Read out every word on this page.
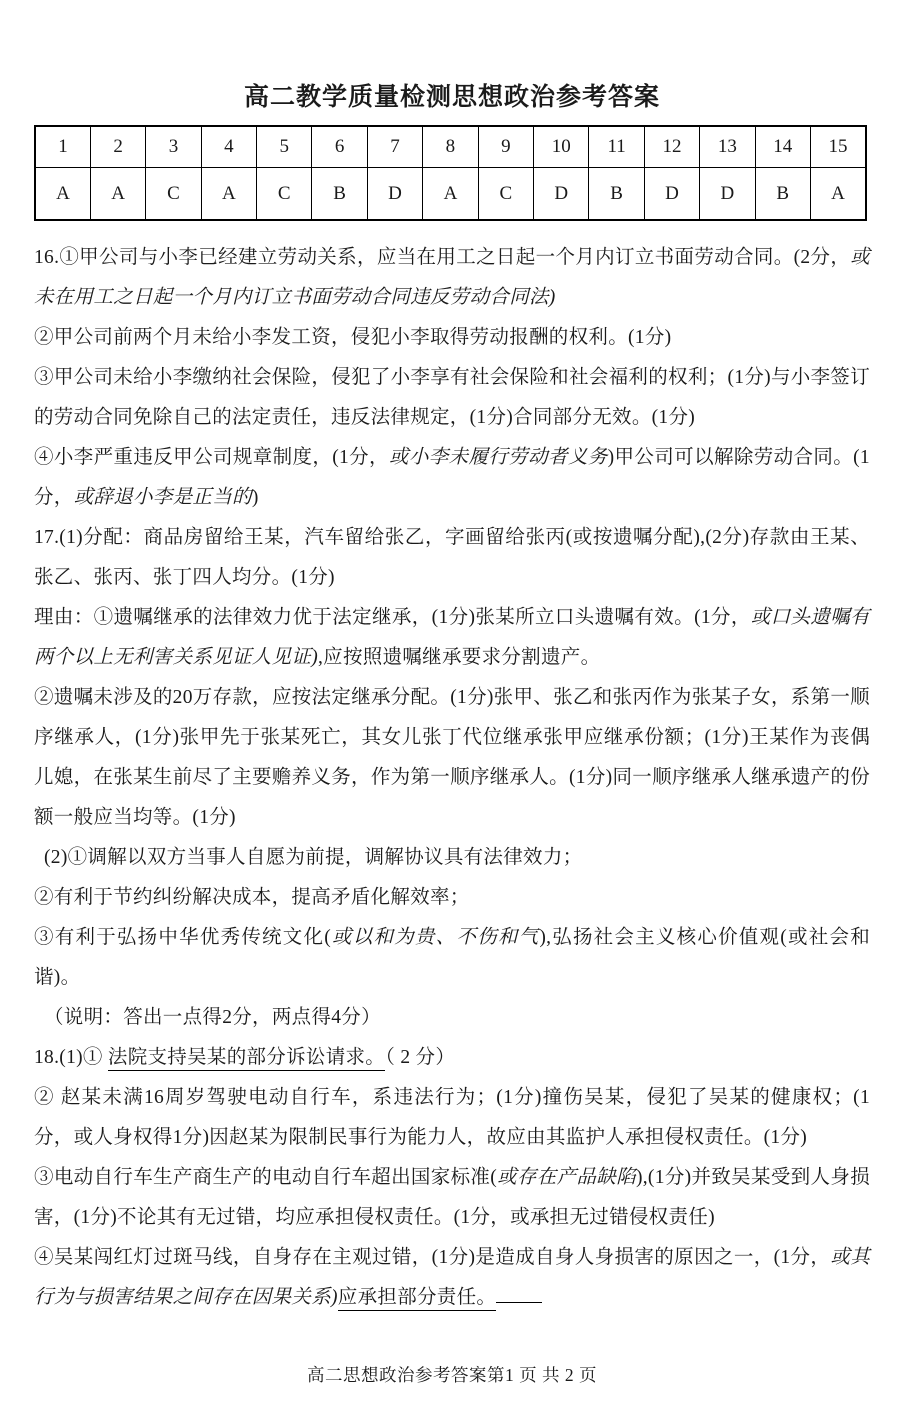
高二教学质量检测思想政治参考答案
1	2	3	4	5	6	7	8	9	10	11	12	13	14	15
A	A	C	A	C	B	D	A	C	D	B	D	D	B	A

16.①甲公司与小李已经建立劳动关系，应当在用工之日起一个月内订立书面劳动合同。(2分，或未在用工之日起一个月内订立书面劳动合同违反劳动合同法)

②甲公司前两个月未给小李发工资，侵犯小李取得劳动报酬的权利。(1分)

③甲公司未给小李缴纳社会保险，侵犯了小李享有社会保险和社会福利的权利；(1分)与小李签订的劳动合同免除自己的法定责任，违反法律规定，(1分)合同部分无效。(1分)

④小李严重违反甲公司规章制度，(1分，或小李未履行劳动者义务)甲公司可以解除劳动合同。(1分，或辞退小李是正当的)

17.(1)分配：商品房留给王某，汽车留给张乙，字画留给张丙(或按遗嘱分配),(2分)存款由王某、张乙、张丙、张丁四人均分。(1分)

理由：①遗嘱继承的法律效力优于法定继承，(1分)张某所立口头遗嘱有效。(1分，或口头遗嘱有两个以上无利害关系见证人见证),应按照遗嘱继承要求分割遗产。

②遗嘱未涉及的20万存款，应按法定继承分配。(1分)张甲、张乙和张丙作为张某子女，系第一顺序继承人，(1分)张甲先于张某死亡，其女儿张丁代位继承张甲应继承份额；(1分)王某作为丧偶儿媳，在张某生前尽了主要赡养义务，作为第一顺序继承人。(1分)同一顺序继承人继承遗产的份额一般应当均等。(1分)

(2)①调解以双方当事人自愿为前提，调解协议具有法律效力；

②有利于节约纠纷解决成本，提高矛盾化解效率；

③有利于弘扬中华优秀传统文化(或以和为贵、不伤和气),弘扬社会主义核心价值观(或社会和谐)。

（说明：答出一点得2分，两点得4分）

18.(1)① 法院支持吴某的部分诉讼请求。（ 2 分）

② 赵某未满16周岁驾驶电动自行车，系违法行为；(1分)撞伤吴某，侵犯了吴某的健康权；(1分，或人身权得1分)因赵某为限制民事行为能力人，故应由其监护人承担侵权责任。(1分)

③电动自行车生产商生产的电动自行车超出国家标准(或存在产品缺陷),(1分)并致吴某受到人身损害，(1分)不论其有无过错，均应承担侵权责任。(1分，或承担无过错侵权责任)

④吴某闯红灯过斑马线，自身存在主观过错，(1分)是造成自身人身损害的原因之一，(1分，或其行为与损害结果之间存在因果关系)应承担部分责任。

高二思想政治参考答案第1 页 共 2 页
